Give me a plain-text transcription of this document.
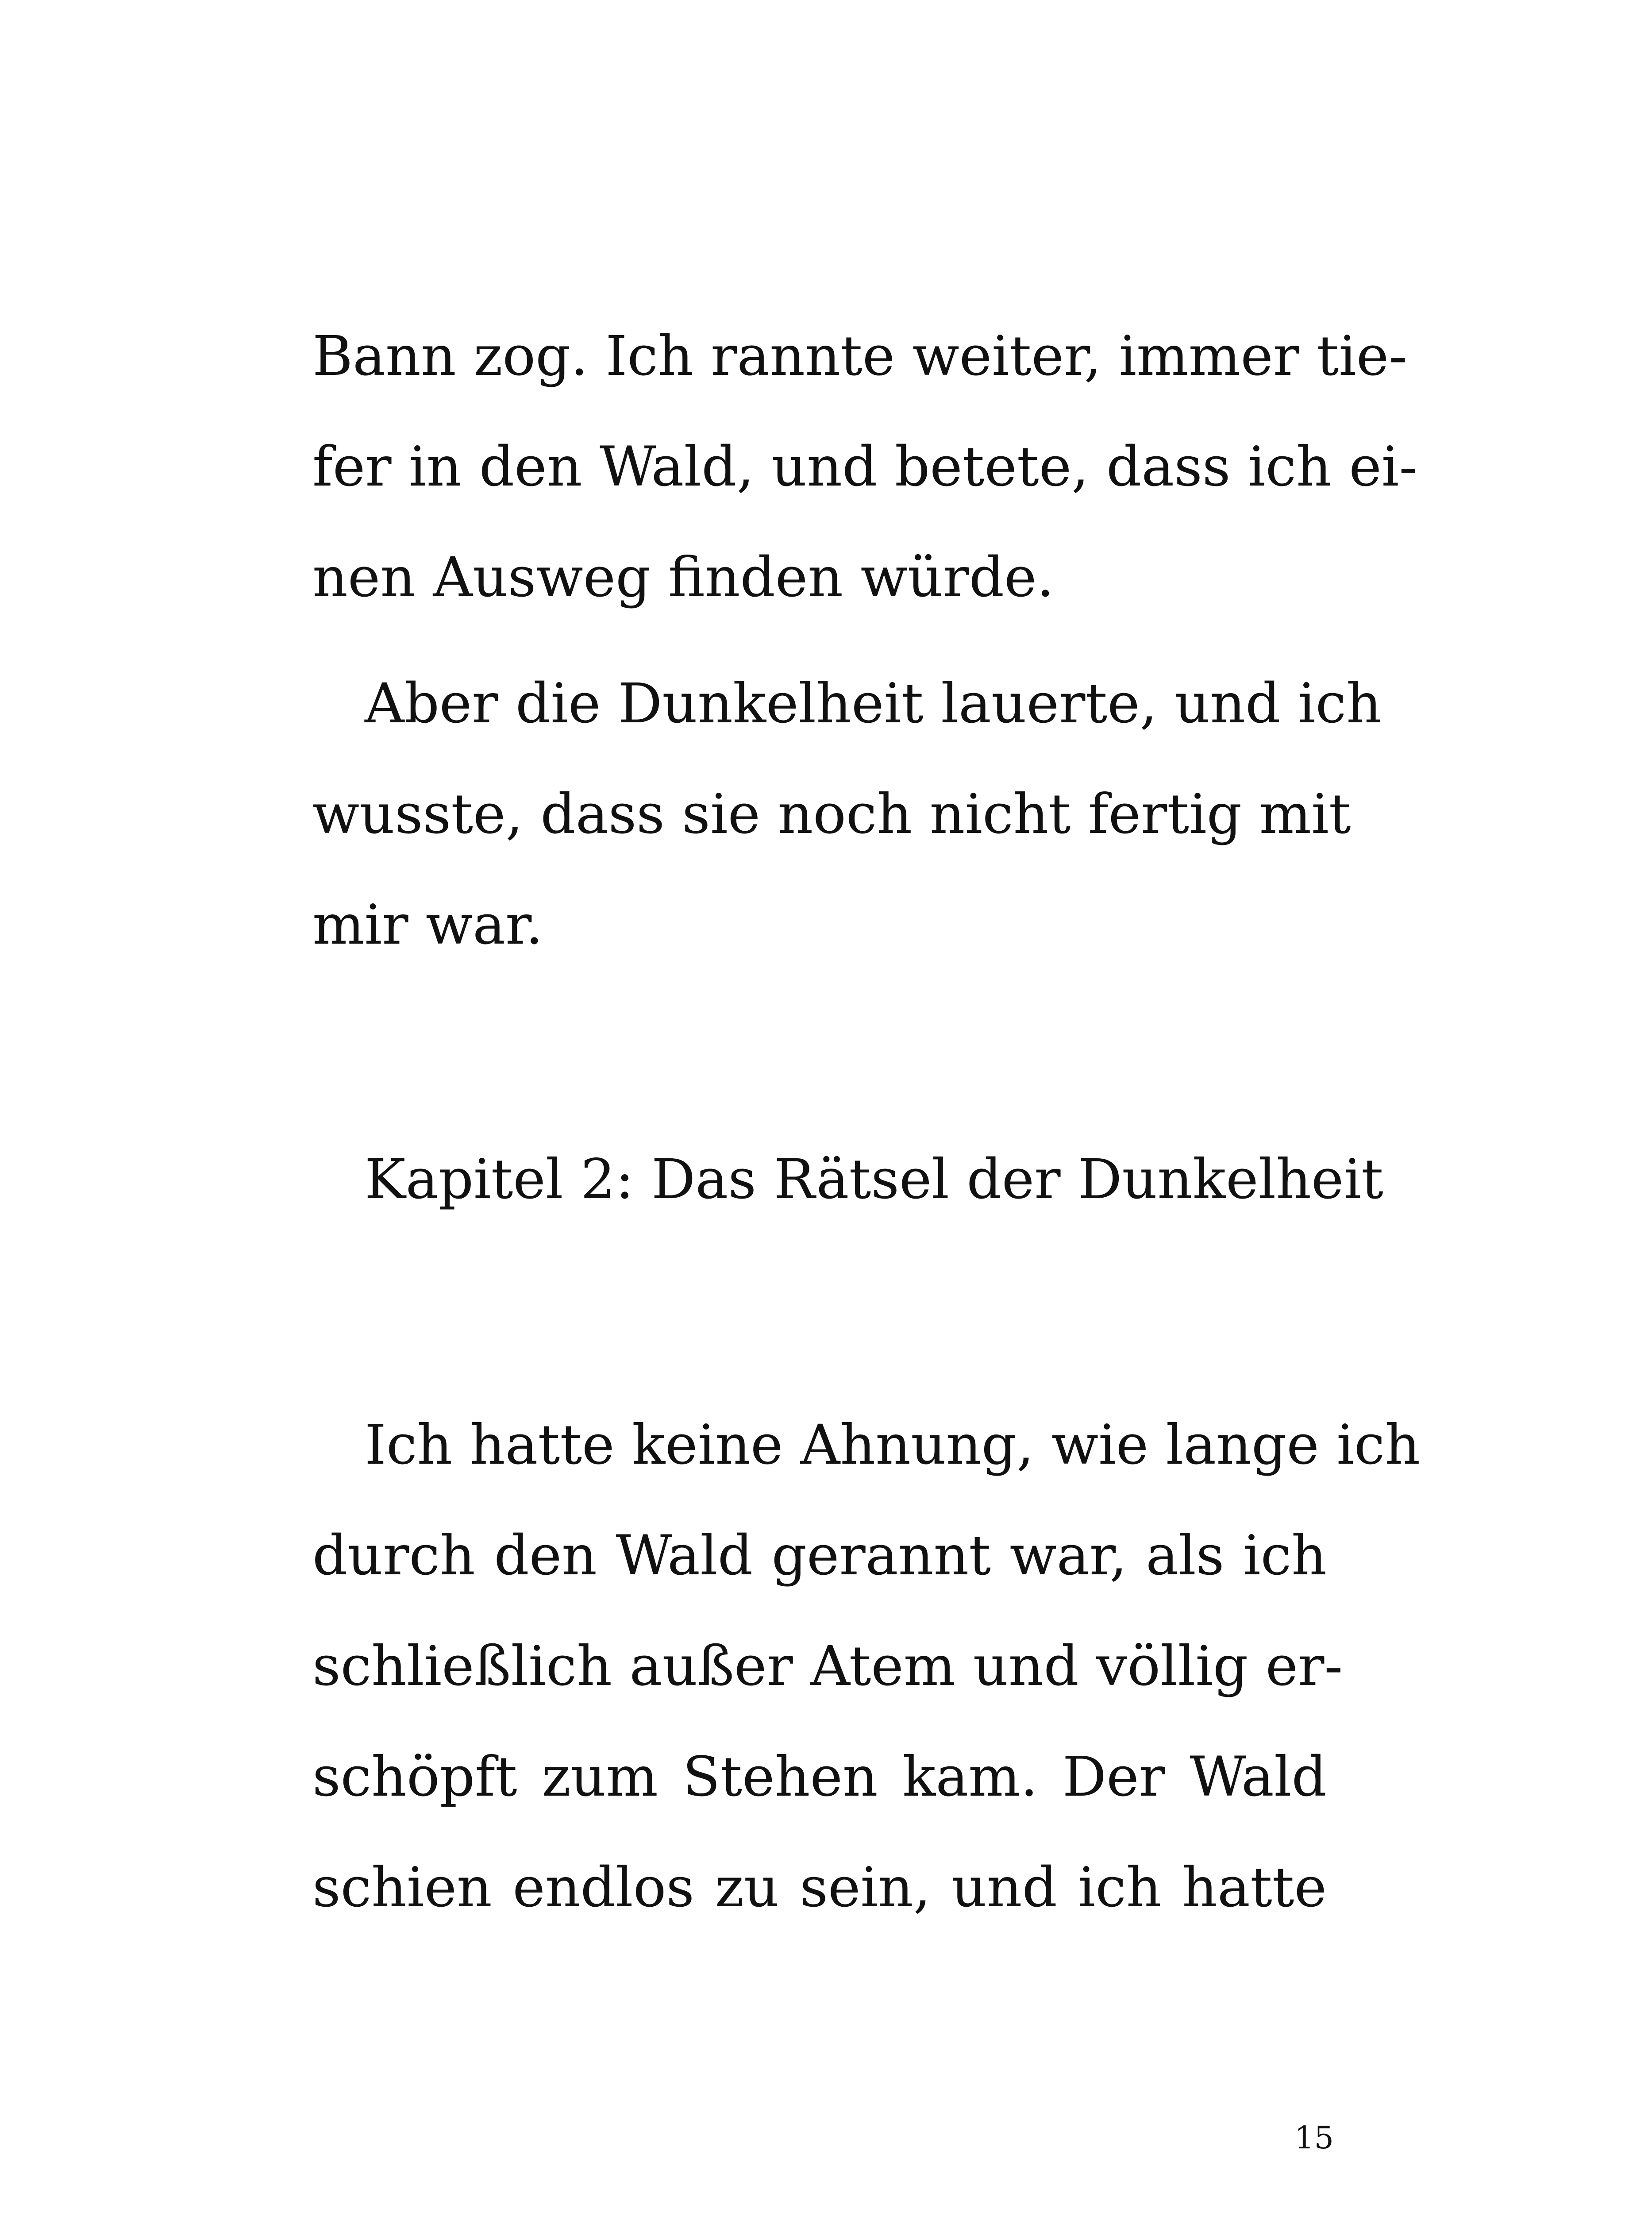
Bann zog. Ich rannte weiter, immer tie-
fer in den Wald, und betete, dass ich ei-
nen Ausweg finden würde.
Aber die Dunkelheit lauerte, und ich
wusste, dass sie noch nicht fertig mit
mir war.
Kapitel 2: Das Rätsel der Dunkelheit
Ich hatte keine Ahnung, wie lange ich
durch den Wald gerannt war, als ich
schließlich außer Atem und völlig er-
schöpft zum Stehen kam. Der Wald
schien endlos zu sein, und ich hatte
15
